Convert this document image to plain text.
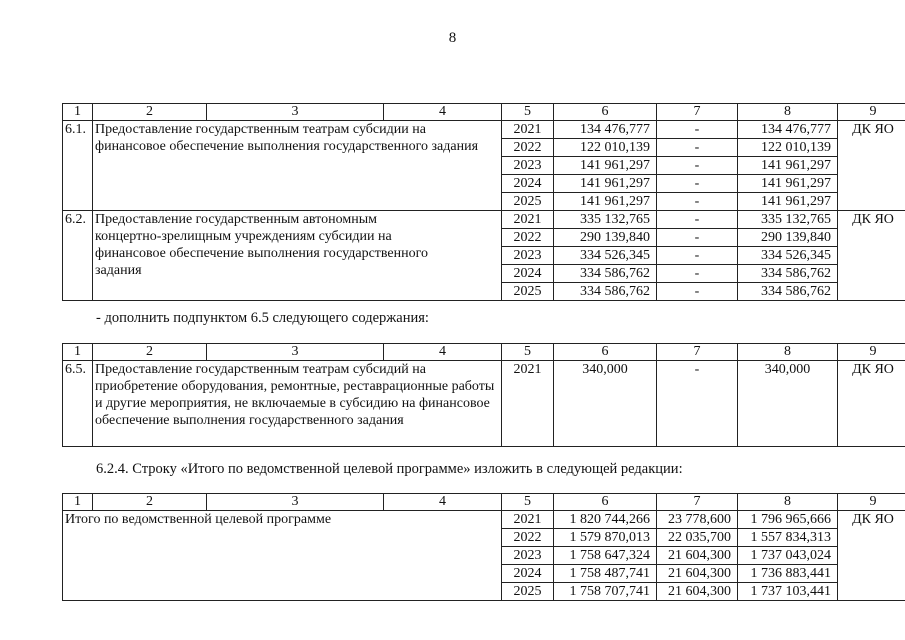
8
1	2	3	4	5	6	7	8	9
6.1.	Предоставление государственным театрам субсидии на финансовое обеспечение выполнения государственного задания			2021	134 476,777	-	134 476,777	ДК ЯО
				2022	122 010,139	-	122 010,139	
				2023	141 961,297	-	141 961,297	
				2024	141 961,297	-	141 961,297	
				2025	141 961,297	-	141 961,297	
6.2.	Предоставление государственным автономным концертно-зрелищным учреждениям субсидии на финансовое обеспечение выполнения государственного задания			2021	335 132,765	-	335 132,765	ДК ЯО
				2022	290 139,840	-	290 139,840	
				2023	334 526,345	-	334 526,345	
				2024	334 586,762	-	334 586,762	
				2025	334 586,762	-	334 586,762	
- дополнить подпунктом 6.5 следующего содержания:
1	2	3	4	5	6	7	8	9
6.5.	Предоставление государственным театрам субсидий на приобретение оборудования, ремонтные, реставрационные работы и другие мероприятия, не включаемые в субсидию на финансовое обеспечение выполнения государственного задания			2021	340,000	-	340,000	ДК ЯО
6.2.4. Строку «Итого по ведомственной целевой программе» изложить в следующей редакции:
1	2	3	4	5	6	7	8	9
Итого по ведомственной целевой программе				2021	1 820 744,266	23 778,600	1 796 965,666	ДК ЯО
				2022	1 579 870,013	22 035,700	1 557 834,313	
				2023	1 758 647,324	21 604,300	1 737 043,024	
				2024	1 758 487,741	21 604,300	1 736 883,441	
				2025	1 758 707,741	21 604,300	1 737 103,441	
